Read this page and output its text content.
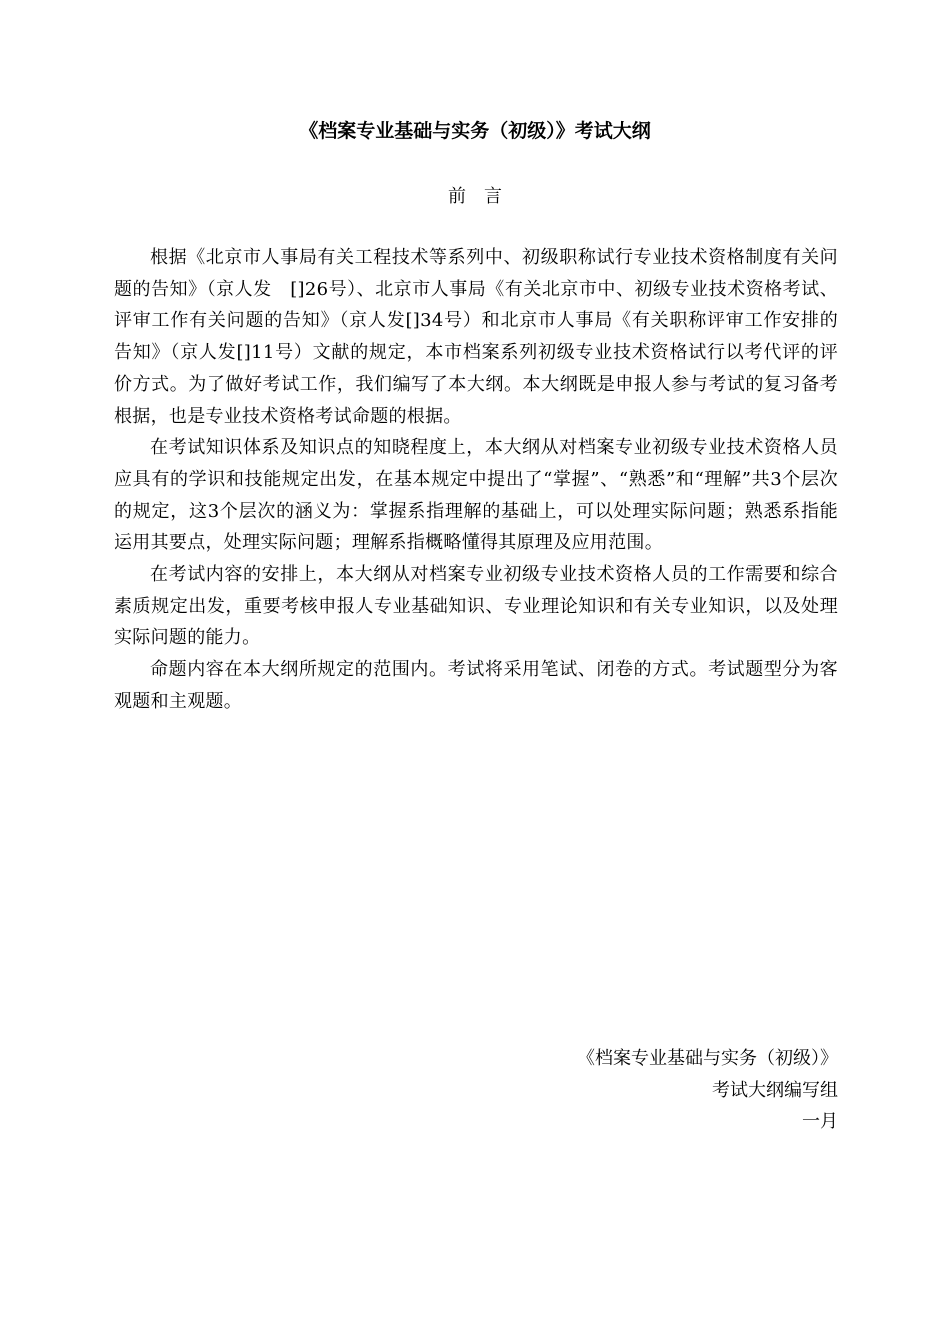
《档案专业基础与实务（初级）》考试大纲
前　言

根据《北京市人事局有关工程技术等系列中、初级职称试行专业技术资格制度有关问题的告知》（京人发　[]26号）、北京市人事局《有关北京市中、初级专业技术资格考试、评审工作有关问题的告知》（京人发[]34号）和北京市人事局《有关职称评审工作安排的告知》（京人发[]11号）文献的规定，本市档案系列初级专业技术资格试行以考代评的评价方式。为了做好考试工作，我们编写了本大纲。本大纲既是申报人参与考试的复习备考根据，也是专业技术资格考试命题的根据。

在考试知识体系及知识点的知晓程度上，本大纲从对档案专业初级专业技术资格人员应具有的学识和技能规定出发，在基本规定中提出了“掌握”、“熟悉”和“理解”共3个层次的规定，这3个层次的涵义为：掌握系指理解的基础上，可以处理实际问题；熟悉系指能运用其要点，处理实际问题；理解系指概略懂得其原理及应用范围。

在考试内容的安排上，本大纲从对档案专业初级专业技术资格人员的工作需要和综合素质规定出发，重要考核申报人专业基础知识、专业理论知识和有关专业知识，以及处理实际问题的能力。

命题内容在本大纲所规定的范围内。考试将采用笔试、闭卷的方式。考试题型分为客观题和主观题。

《档案专业基础与实务（初级）》
考试大纲编写组
一月
